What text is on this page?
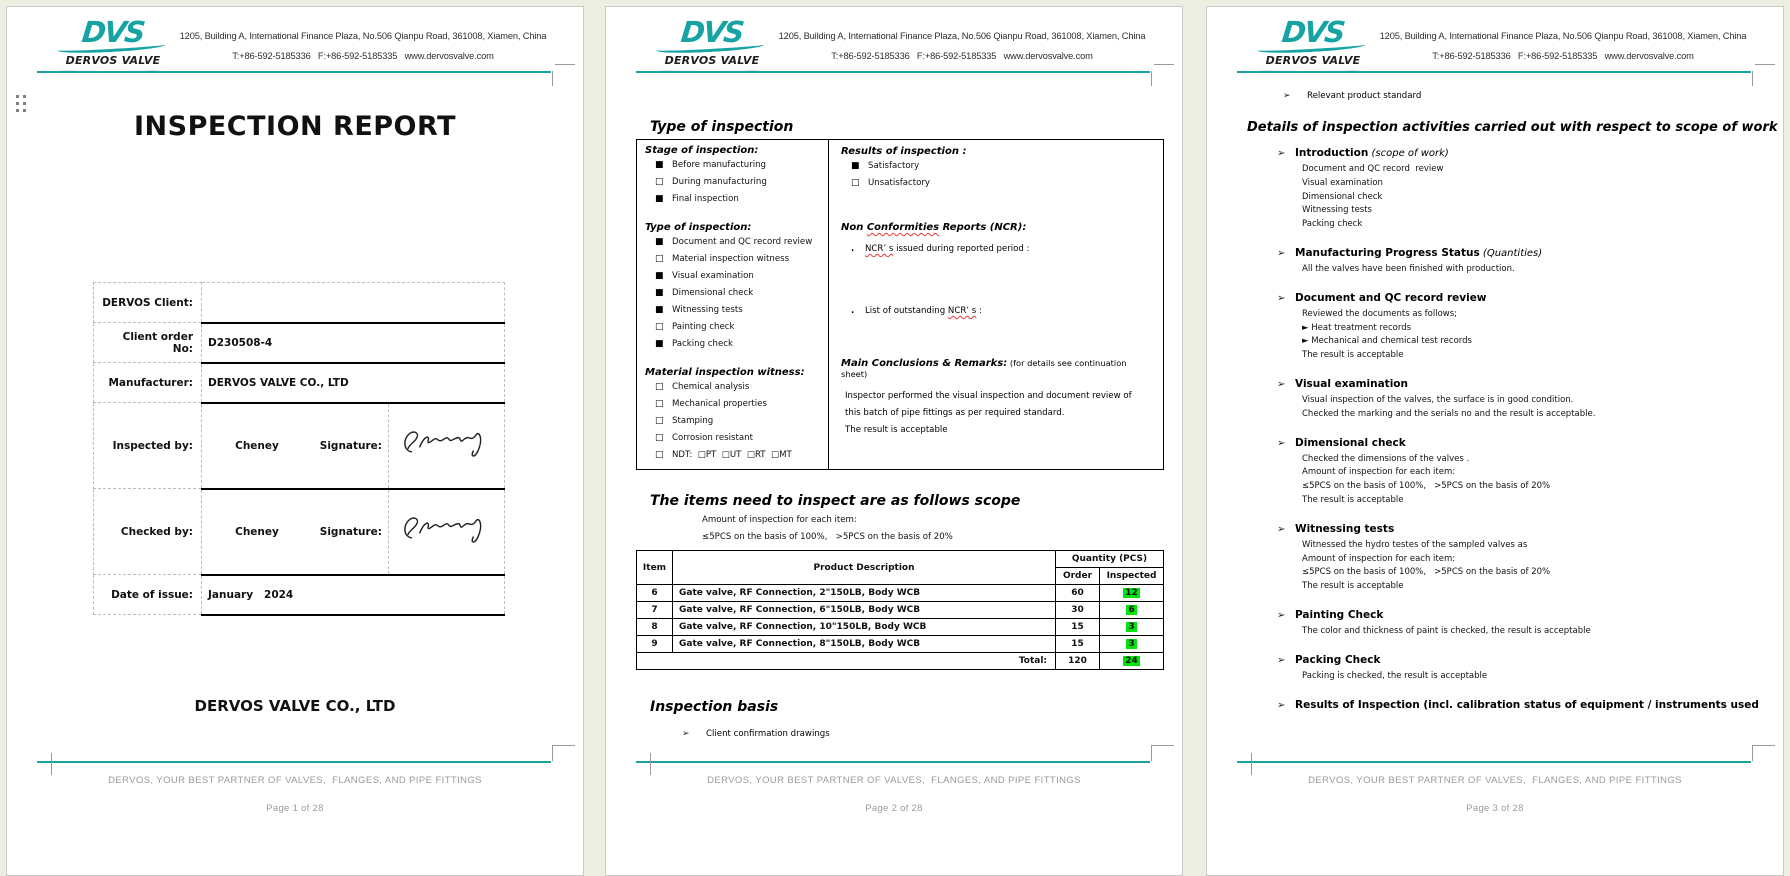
DVS
DERVOS VALVE
1205, Building A, International Finance Plaza, No.506 Qianpu Road, 361008, Xiamen, China
T:+86-592-5185336   F:+86-592-5185335   www.dervosvalve.com
INSPECTION REPORT
DERVOS Client:	
Client order No:	D230508-4
Manufacturer:	DERVOS VALVE CO., LTD
Inspected by:	Cheney Signature:

Checked by:	Cheney Signature:

Date of issue:	January   2024
DERVOS VALVE CO., LTD
DERVOS, YOUR BEST PARTNER OF VALVES,  FLANGES, AND PIPE FITTINGS
Page 1 of 28
DVS
DERVOS VALVE
1205, Building A, International Finance Plaza, No.506 Qianpu Road, 361008, Xiamen, China
T:+86-592-5185336   F:+86-592-5185335   www.dervosvalve.com
Type of inspection
Stage of inspection:
■ Before manufacturing
□ During manufacturing
■ Final inspection
Type of inspection:
■ Document and QC record review
□ Material inspection witness
■ Visual examination
■ Dimensional check
■ Witnessing tests
□ Painting check
■ Packing check
Material inspection witness:
□ Chemical analysis
□ Mechanical properties
□ Stamping
□ Corrosion resistant
□ NDT:  □PT  □UT  □RT  □MT
Results of inspection :
■ Satisfactory
□ Unsatisfactory
Non Conformities Reports (NCR):
. NCR’ s issued during reported period :
. List of outstanding NCR’ s :
Main Conclusions & Remarks: (for details see continuation sheet)
Inspector performed the visual inspection and document review of
this batch of pipe fittings as per required standard.
The result is acceptable
The items need to inspect are as follows scope
Amount of inspection for each item:
≤5PCS on the basis of 100%,   >5PCS on the basis of 20%
Item	Product Description	Quantity (PCS)	
		Order	Inspected
6	Gate valve, RF Connection, 2"150LB, Body WCB	60	12
7	Gate valve, RF Connection, 6"150LB, Body WCB	30	6
8	Gate valve, RF Connection, 10"150LB, Body WCB	15	3
9	Gate valve, RF Connection, 8"150LB, Body WCB	15	3
Total:		120	24
Inspection basis
➢	Client confirmation drawings
DERVOS, YOUR BEST PARTNER OF VALVES,  FLANGES, AND PIPE FITTINGS
Page 2 of 28
DVS
DERVOS VALVE
1205, Building A, International Finance Plaza, No.506 Qianpu Road, 361008, Xiamen, China
T:+86-592-5185336   F:+86-592-5185335   www.dervosvalve.com
➢	Relevant product standard
Details of inspection activities carried out with respect to scope of work
➢ Introduction (scope of work)
Document and QC record  review
Visual examination
Dimensional check
Witnessing tests
Packing check
➢ Manufacturing Progress Status (Quantities)
All the valves have been finished with production.
➢ Document and QC record review
Reviewed the documents as follows;
► Heat treatment records
► Mechanical and chemical test records
The result is acceptable
➢ Visual examination
Visual inspection of the valves, the surface is in good condition.
Checked the marking and the serials no and the result is acceptable.
➢ Dimensional check
Checked the dimensions of the valves .
Amount of inspection for each item:
≤5PCS on the basis of 100%,   >5PCS on the basis of 20%
The result is acceptable
➢ Witnessing tests
Witnessed the hydro testes of the sampled valves as
Amount of inspection for each item:
≤5PCS on the basis of 100%,   >5PCS on the basis of 20%
The result is acceptable
➢ Painting Check
The color and thickness of paint is checked, the result is acceptable
➢ Packing Check
Packing is checked, the result is acceptable
➢ Results of Inspection (incl. calibration status of equipment / instruments used
DERVOS, YOUR BEST PARTNER OF VALVES,  FLANGES, AND PIPE FITTINGS
Page 3 of 28
